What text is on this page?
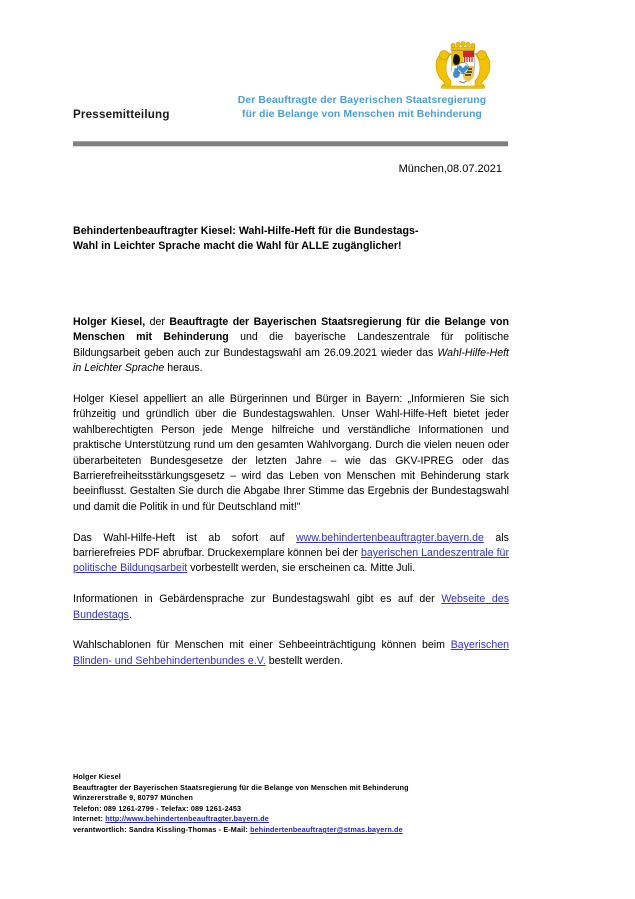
Pressemitteilung
Der Beauftragte der Bayerischen Staatsregierung
für die Belange von Menschen mit Behinderung
München,08.07.2021
Behindertenbeauftragter Kiesel: Wahl-Hilfe-Heft für die Bundestags-
Wahl in Leichter Sprache macht die Wahl für ALLE zugänglicher!

Holger Kiesel, der Beauftragte der Bayerischen Staatsregierung für die Belange von Menschen mit Behinderung und die bayerische Landeszentrale für politische Bildungsarbeit geben auch zur Bundestagswahl am 26.09.2021 wieder das Wahl-Hilfe-Heft in Leichter Sprache heraus.

Holger Kiesel appelliert an alle Bürgerinnen und Bürger in Bayern: „Informieren Sie sich frühzeitig und gründlich über die Bundestagswahlen. Unser Wahl-Hilfe-Heft bietet jeder wahlberechtigten Person jede Menge hilfreiche und verständliche Informationen und praktische Unterstützung rund um den gesamten Wahlvorgang. Durch die vielen neuen oder überarbeiteten Bundesgesetze der letzten Jahre – wie das GKV-IPREG oder das Barrierefreiheitsstärkungsgesetz – wird das Leben von Menschen mit Behinderung stark beeinflusst. Gestalten Sie durch die Abgabe Ihrer Stimme das Ergebnis der Bundestagswahl und damit die Politik in und für Deutschland mit!"

Das Wahl-Hilfe-Heft ist ab sofort auf www.behindertenbeauftragter.bayern.de als barrierefreies PDF abrufbar. Druckexemplare können bei der bayerischen Landeszentrale für politische Bildungsarbeit vorbestellt werden, sie erscheinen ca. Mitte Juli.

Informationen in Gebärdensprache zur Bundestagswahl gibt es auf der Webseite des Bundestags.

Wahlschablonen für Menschen mit einer Sehbeeinträchtigung können beim Bayerischen Blinden- und Sehbehindertenbundes e.V. bestellt werden.

Holger Kiesel
Beauftragter der Bayerischen Staatsregierung für die Belange von Menschen mit Behinderung
Winzererstraße 9, 80797 München
Telefon: 089 1261-2799 - Telefax: 089 1261-2453
Internet: http://www.behindertenbeauftragter.bayern.de
verantwortlich: Sandra Kissling-Thomas - E-Mail: behindertenbeauftragter@stmas.bayern.de
